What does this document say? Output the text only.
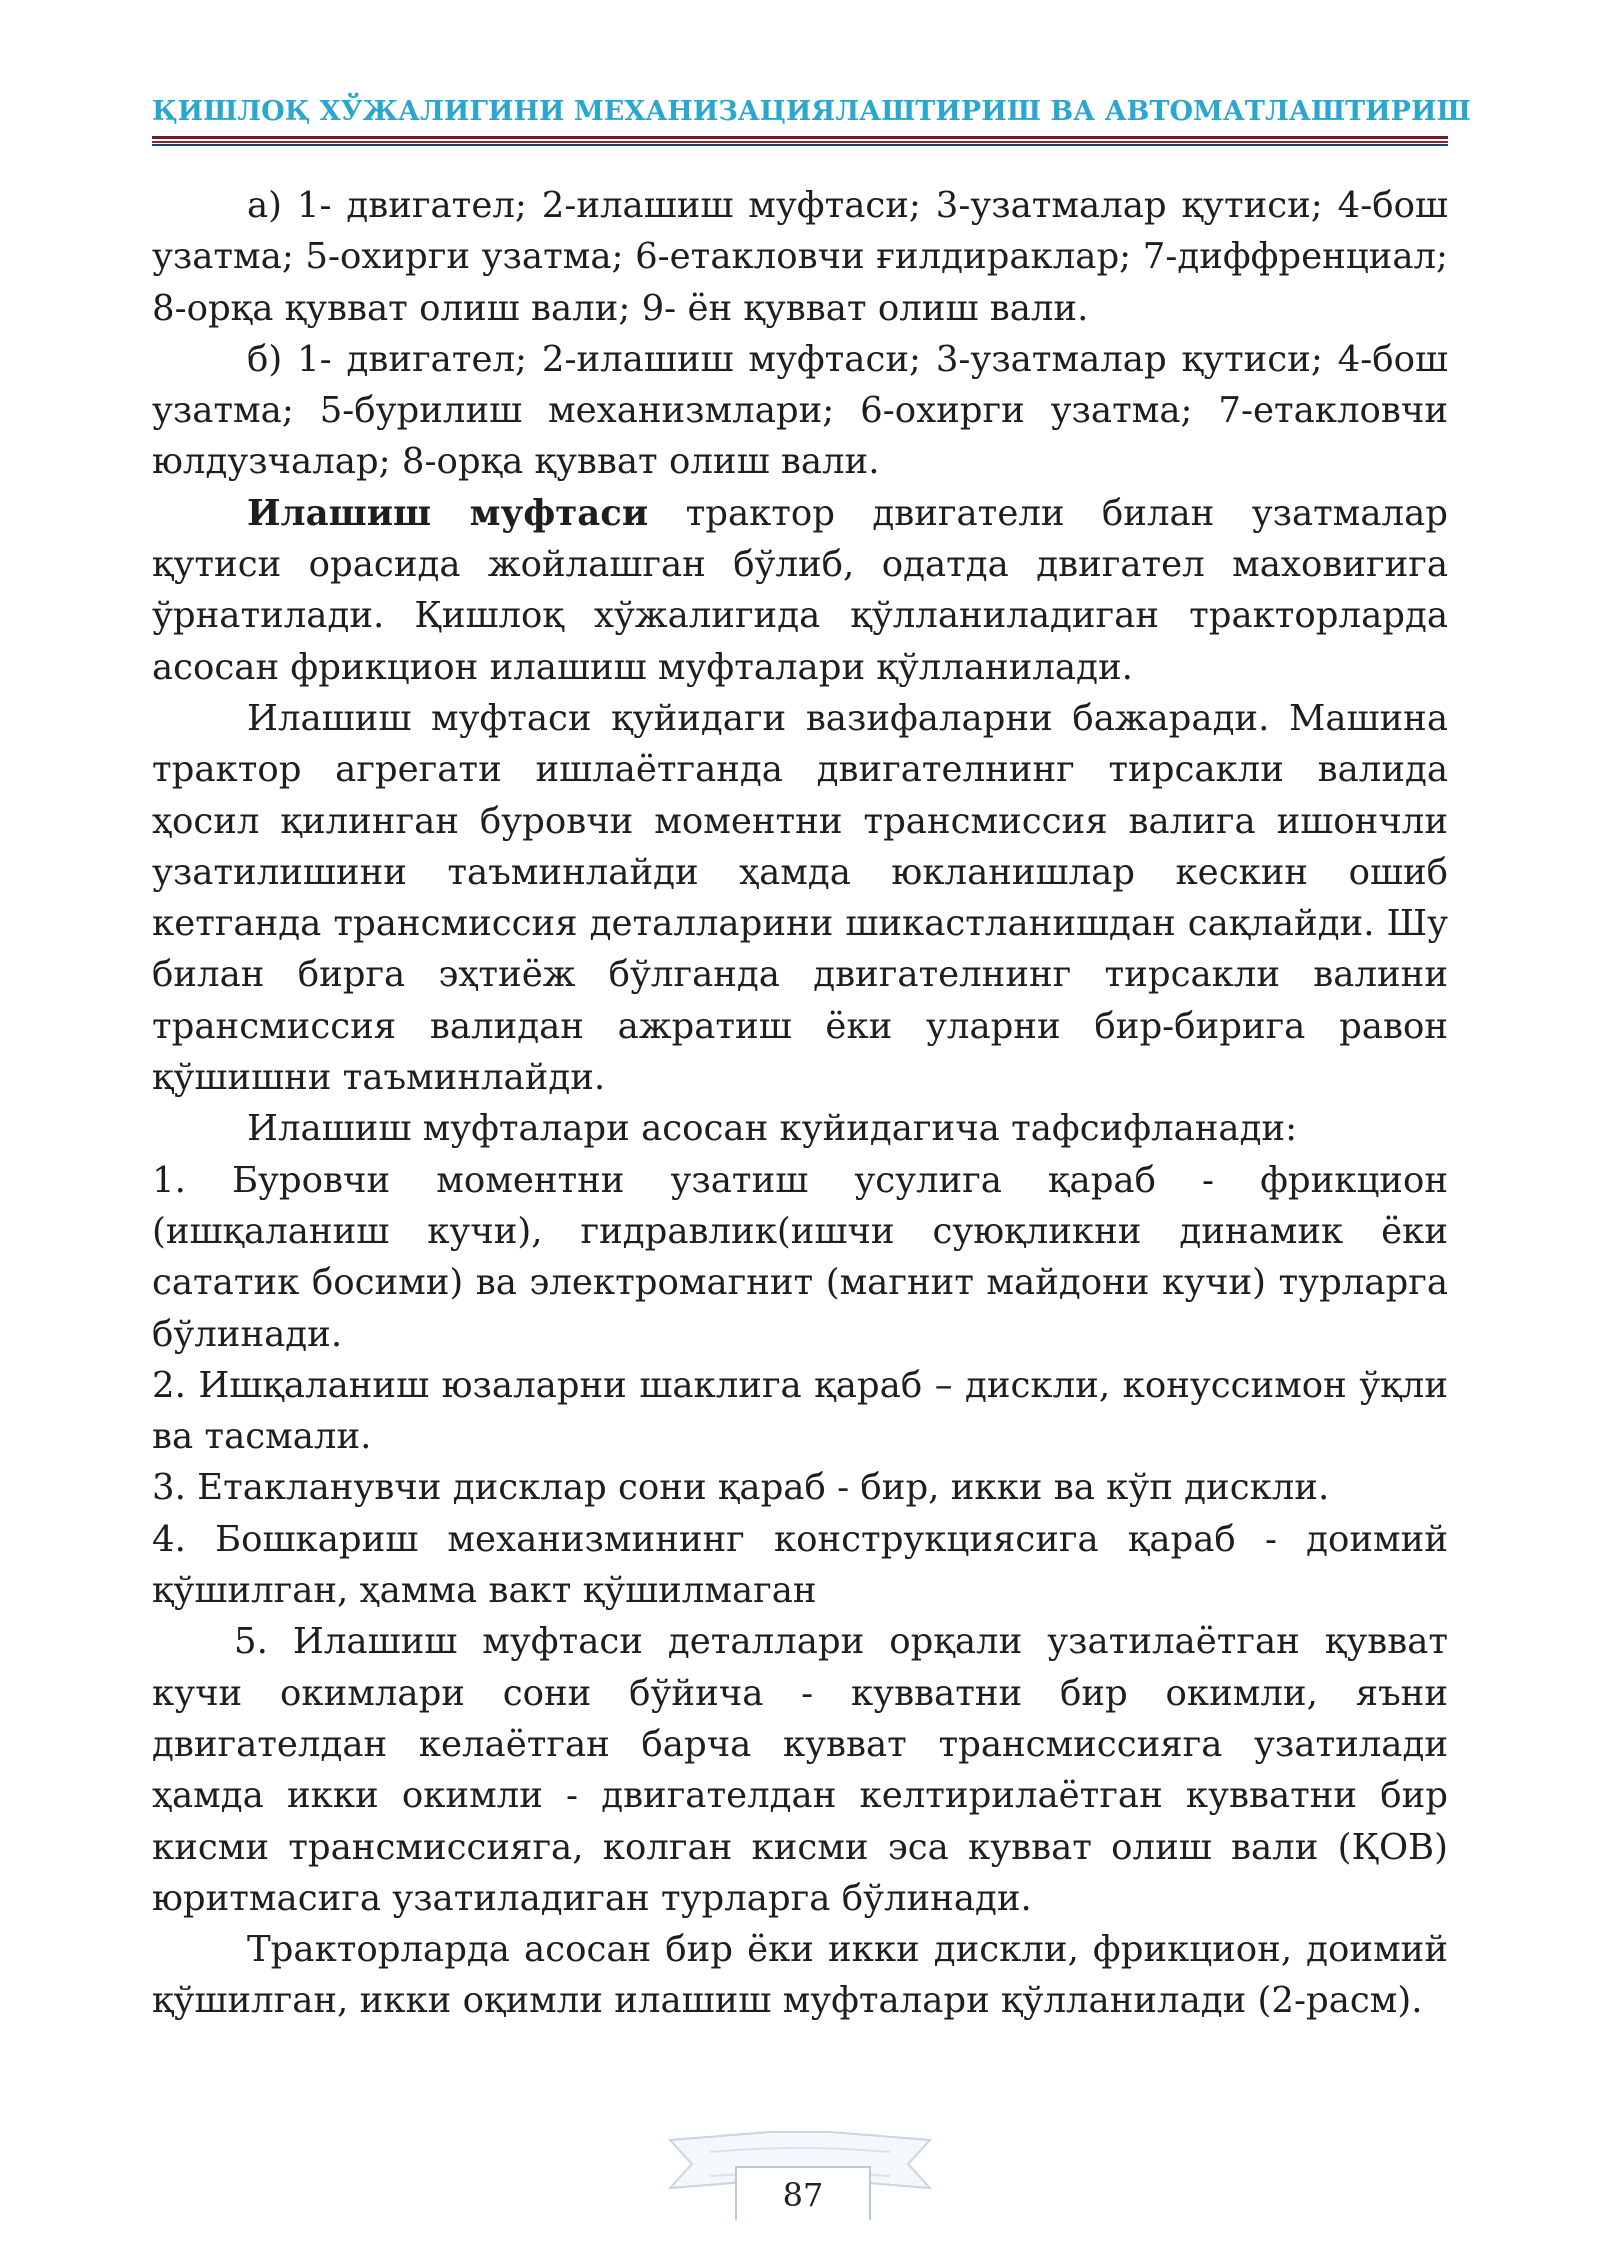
ҚИШЛОҚ ХЎЖАЛИГИНИ МЕХАНИЗАЦИЯЛАШТИРИШ ВА АВТОМАТЛАШТИРИШ

а) 1- двигател; 2-илашиш муфтаси; 3-узатмалар қутиси; 4-бош узатма; 5-охирги узатма; 6-етакловчи ғилдираклар; 7-диффренциал; 8-орқа қувват олиш вали; 9- ён қувват олиш вали.

б) 1- двигател; 2-илашиш муфтаси; 3-узатмалар қутиси; 4-бош узатма; 5-бурилиш механизмлари; 6-охирги узатма; 7-етакловчи юлдузчалар; 8-орқа қувват олиш вали.

Илашиш муфтаси трактор двигатели билан узатмалар қутиси орасида жойлашган бўлиб, одатда двигател маховигига ўрнатилади. Қишлоқ хўжалигида қўлланиладиган тракторларда асосан фрикцион илашиш муфталари қўлланилади.

Илашиш муфтаси қуйидаги вазифаларни бажаради. Машина трактор агрегати ишлаётганда двигателнинг тирсакли валида ҳосил қилинган буровчи моментни трансмиссия валига ишончли узатилишини таъминлайди ҳамда юкланишлар кескин ошиб кетганда трансмиссия деталларини шикастланишдан сақлайди. Шу билан бирга эҳтиёж бўлганда двигателнинг тирсакли валини трансмиссия валидан ажратиш ёки уларни бир-бирига равон қўшишни таъминлайди.

Илашиш муфталари асосан куйидагича тафсифланади:

1. Буровчи моментни узатиш усулига қараб - фрикцион (ишқаланиш кучи), гидравлик(ишчи суюқликни динамик ёки сататик босими) ва электромагнит (магнит майдони кучи) турларга бўлинади.

2. Ишқаланиш юзаларни шаклига қараб – дискли, конуссимон ўқли ва тасмали.

3. Етакланувчи дисклар сони қараб - бир, икки ва кўп дискли.

4. Бошкариш механизмининг конструкциясига қараб - доимий қўшилган, ҳамма вакт қўшилмаган

5. Илашиш муфтаси деталлари орқали узатилаётган қувват кучи окимлари сони бўйича - кувватни бир окимли, яъни двигателдан келаётган барча кувват трансмиссияга узатилади ҳамда икки окимли - двигателдан келтирилаётган кувватни бир кисми трансмиссияга, колган кисми эса кувват олиш вали (ҚОВ) юритмасига узатиладиган турларга бўлинади.

Тракторларда асосан бир ёки икки дискли, фрикцион, доимий қўшилган, икки оқимли илашиш муфталари қўлланилади (2-расм).

87
